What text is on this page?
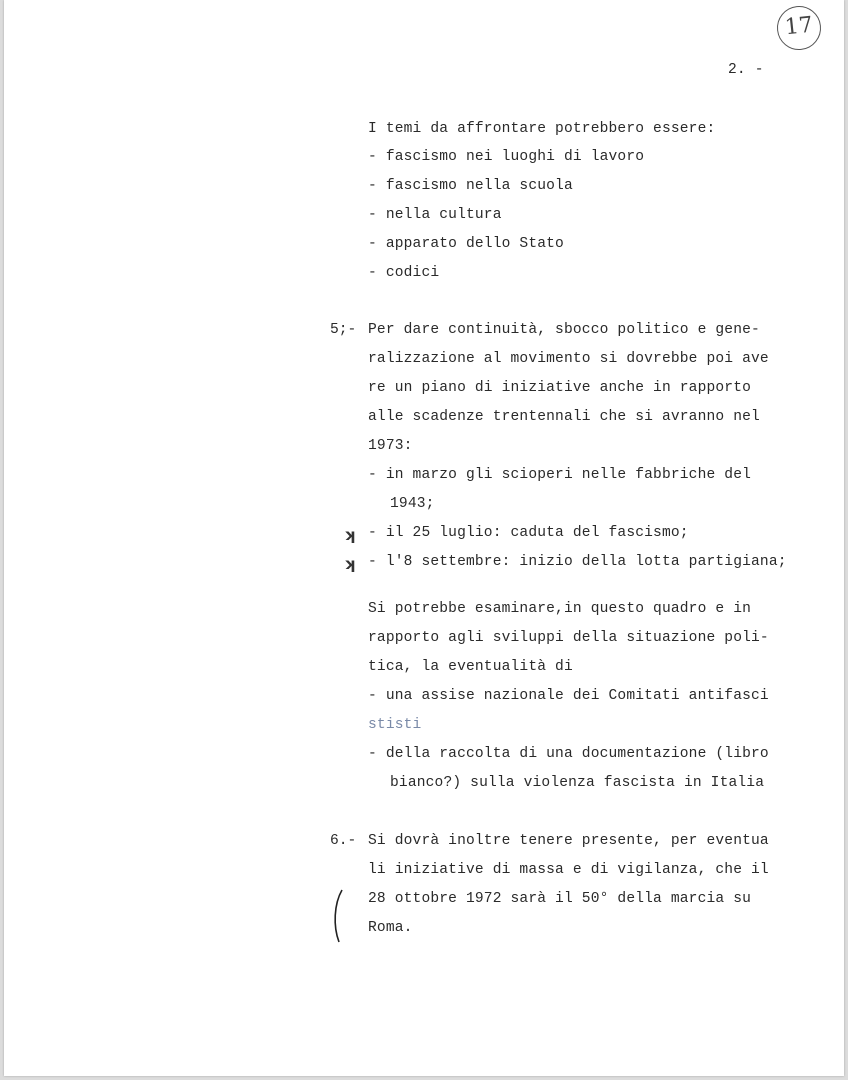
17
2. -
I temi da affrontare potrebbero essere:
- fascismo nei luoghi di lavoro
- fascismo nella scuola
- nella cultura
- apparato dello Stato
- codici
5;- Per dare continuità, sbocco politico e gene-
ralizzazione al movimento si dovrebbe poi ave
re un piano di iniziative anche in rapporto
alle scadenze trentennali che si avranno nel
1973:
- in marzo gli scioperi nelle fabbriche del
1943;
ʞ - il 25 luglio: caduta del fascismo;
ʞ - l'8 settembre: inizio della lotta partigiana;
Si potrebbe esaminare,in questo quadro e in
rapporto agli sviluppi della situazione poli-
tica, la eventualità di
- una assise nazionale dei Comitati antifasci
stisti
- della raccolta di una documentazione (libro
bianco?) sulla violenza fascista in Italia
6.- Si dovrà inoltre tenere presente, per eventua
li iniziative di massa e di vigilanza, che il
28 ottobre 1972 sarà il 50° della marcia su
Roma.
